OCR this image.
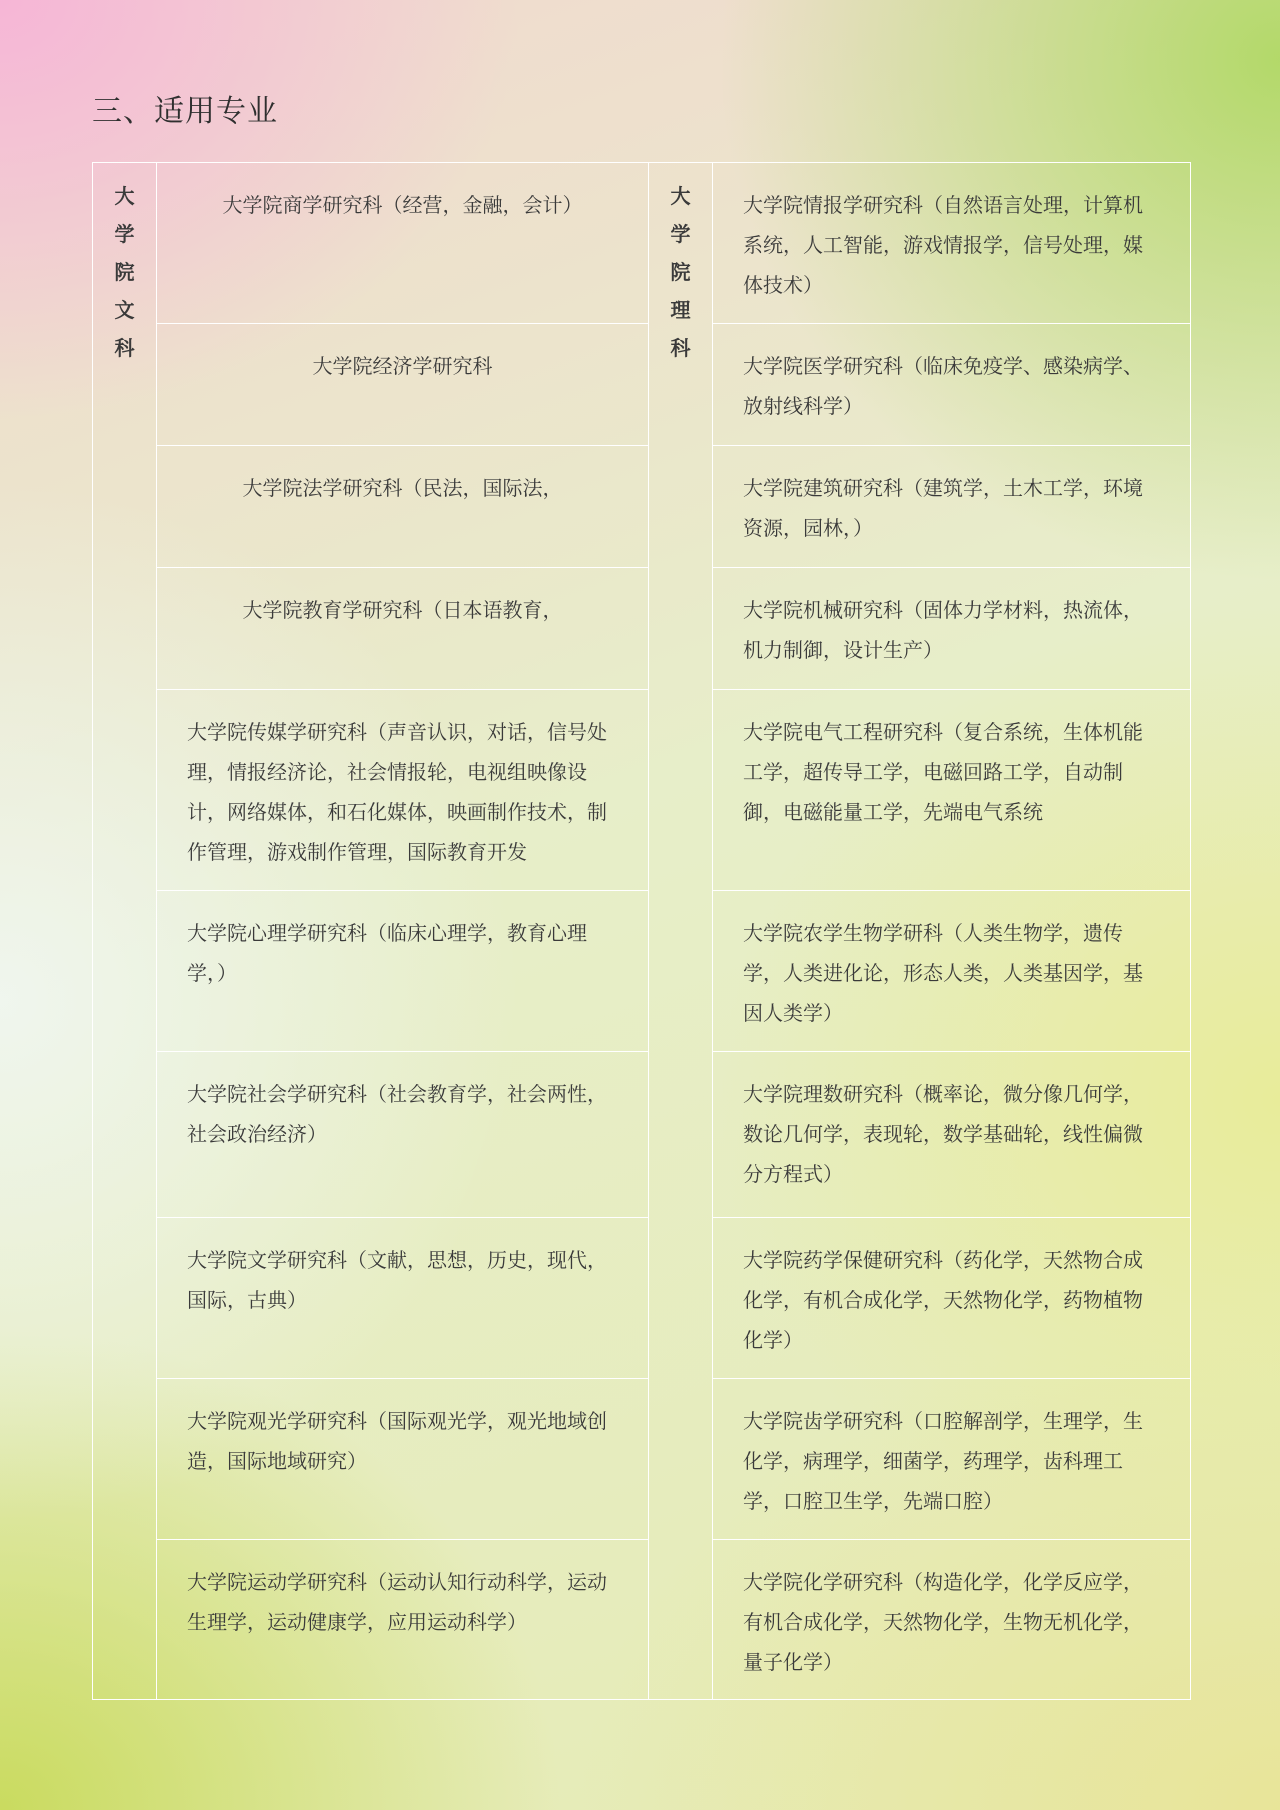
三、适用专业
大学院文科	大学院商学研究科（经营，金融，会计）	大学院理科	大学院情报学研究科（自然语言处理，计算机系统，人工智能，游戏情报学，信号处理，媒体技术）
	大学院经济学研究科		大学院医学研究科（临床免疫学、感染病学、放射线科学）
	大学院法学研究科（民法，国际法，		大学院建筑研究科（建筑学，土木工学，环境资源，园林，）
	大学院教育学研究科（日本语教育，		大学院机械研究科（固体力学材料，热流体，机力制御，设计生产）
	大学院传媒学研究科（声音认识，对话，信号处理，情报经济论，社会情报轮，电视组映像设计，网络媒体，和石化媒体，映画制作技术，制作管理，游戏制作管理，国际教育开发		大学院电气工程研究科（复合系统，生体机能工学，超传导工学，电磁回路工学，自动制御，电磁能量工学，先端电气系统
	大学院心理学研究科（临床心理学，教育心理学，）		大学院农学生物学研科（人类生物学，遗传学，人类进化论，形态人类，人类基因学，基因人类学）
	大学院社会学研究科（社会教育学，社会两性，社会政治经济）		大学院理数研究科（概率论，微分像几何学，数论几何学，表现轮，数学基础轮，线性偏微分方程式）
	大学院文学研究科（文献，思想，历史，现代，国际，古典）		大学院药学保健研究科（药化学，天然物合成化学，有机合成化学，天然物化学，药物植物化学）
	大学院观光学研究科（国际观光学，观光地域创造，国际地域研究）		大学院齿学研究科（口腔解剖学，生理学，生化学，病理学，细菌学，药理学，齿科理工学，口腔卫生学，先端口腔）
	大学院运动学研究科（运动认知行动科学，运动生理学，运动健康学，应用运动科学）		大学院化学研究科（构造化学，化学反应学，有机合成化学，天然物化学，生物无机化学，量子化学）
